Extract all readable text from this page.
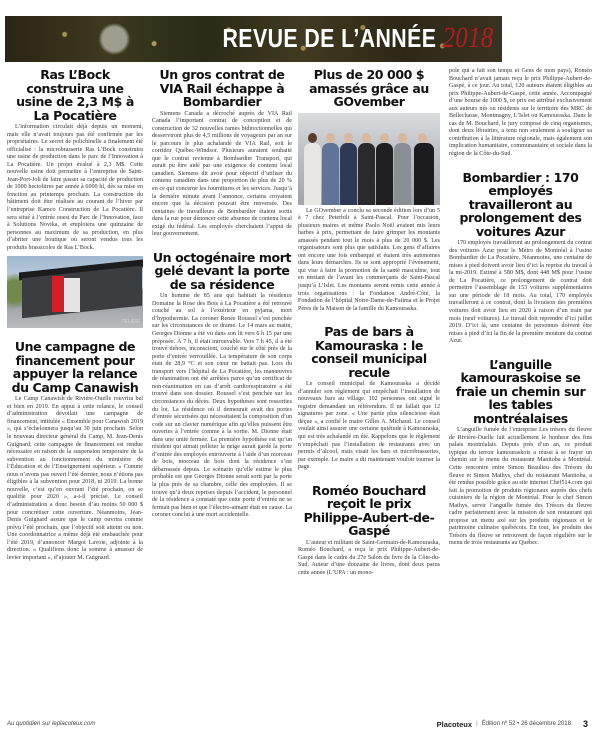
REVUE DE L’ANNÉE 2018
Ras L’Bock construira une usine de 2,3 M$ à La Pocatière

L’information circulait déjà depuis un moment, mais elle n’avait toujours pas été confirmée par les propriétaires. Le secret de polichinelle a finalement été officialisé : la microbrasserie Ras L’Bock construira une usine de production dans le parc de l’Innovation à La Pocatière. Un projet évalué à 2,3 M$. Cette nouvelle usine doit permettre à l’entreprise de Saint-Jean-Port-Joli de faire passer sa capacité de production de 1000 hectolitres par année à 6000 hl, dès sa mise en fonction au printemps prochain. La construction du bâtiment doit être réalisée au courant de l’hiver par l’entreprise Kamco Construction de La Pocatière. Il sera situé à l’entrée ouest du Parc de l’Innovation, face à Solutions Novika, et emploiera une quinzaine de personnes au maximum de sa production, en plus d’abriter une boutique où seront vendus tous les produits brassicoles de Ras L’Bock.

TELIER
Une campagne de financement pour appuyer la relance du Camp Canawish

Le Camp Canawish de Rivière-Ouelle rouvrira bel et bien en 2019. En appui à cette relance, le conseil d’administration dévoilait une campagne de financement, intitulée « Ensemble pour Canawish 2019 », qui s’échelonnera jusqu’au 30 juin prochain. Selon le nouveau directeur général du Camp, M. Jean-Denis Guignard, cette campagne de financement est rendue nécessaire en raison de la suspension temporaire de la subvention au fonctionnement du ministère de l’Éducation et de l’Enseignement supérieur. « Comme nous n’avons pas ouvert l’été dernier, nous n’étions pas éligibles à la subvention pour 2018, ni 2019. La bonne nouvelle, c’est qu’en ouvrant l’été prochain, on se qualifie pour 2020 », a-t-il précisé. Le conseil d’administration a donc besoin d’au moins 50 000 $ pour concrétiser cette ouverture. Néanmoins, Jean-Denis Guignard assure que le camp ouvrira comme prévu l’été prochain, que l’objectif soit atteint ou non. Une coordonnatrice a même déjà été embauchée pour l’été 2019, d’annoncer Margot Lavoie, adjointe à la direction. « Qualifions donc la somme à amasser de levier important », d’ajouter M. Guignard.

Un gros contrat de VIA Rail échappe à Bombardier

Siemens Canada a décroché auprès de VIA Rail Canada l’important contrat de conception et de construction de 32 nouvelles rames bidirectionnelles qui desserviront plus de 4,5 millions de voyageurs par an sur le parcours le plus achalandé de VIA Rail, soit le corridor Québec-Windsor. Plusieurs auraient souhaité que le contrat revienne à Bombardier Transport, qui aurait pu être aidé par une exigence de contenu local canadien. Siemens dit avoir pour objectif d’utiliser du contenu canadien dans une proportion de plus de 20 % en ce qui concerne les fournitures et les services. Jusqu’à la dernière minute avant l’annonce, certains croyaient encore que la décision pouvait être renversée. Des centaines de travailleurs de Bombardier étaient sortis dans la rue pour dénoncer cette absence de contenu local exigé du fédéral. Les employés cherchaient l’appui de leur gouvernement.

Un octogénaire mort gelé devant la porte de sa résidence

Un homme de 85 ans qui habitait la résidence Domaine la Rose des Bois à La Pocatière a été retrouvé couché au sol à l’extérieur en pyjama, mort d’hypothermie. La coroner Renée Roussel s’est penchée sur les circonstances de ce drame. Le 14 mars au matin, Georges Dionne a été vu dans son lit vers 6 h 15 par une préposée. À 7 h, il était introuvable. Vers 7 h 45, il a été trouvé dehors, inconscient, couché sur le côté près de la porte d’entrée verrouillée. La température de son corps était de 28,9 °C et son cœur ne battait pas. Lors du transport vers l’hôpital de La Pocatière, les manœuvres de réanimation ont été arrêtées parce qu’un certificat de non-réanimation en cas d’arrêt cardiorespiratoire a été trouvé dans son dossier. Roussel s’est penchée sur les circonstances du décès. Deux hypothèses sont ressorties du lot. La résidence où il demeurait avait des portes d’entrée sécurisées qui nécessitaient la composition d’un code sur un clavier numérique afin qu’elles puissent être ouvertes à l’entrée comme à la sortie. M. Dionne était dans une unité fermée. La première hypothèse est qu’un résident qui aimait pelleter la neige aurait gardé la porte d’entrée des employés entrouverte à l’aide d’un morceau de bois, morceau de bois dont la résidence s’est débarrassée depuis. Le scénario qu’elle estime le plus probable est que Georges Dionne serait sorti par la porte la plus près de sa chambre, celle des employées. Il se trouve qu’à deux reprises depuis l’accident, le personnel de la résidence a constaté que cette porte d’entrée ne se fermait pas bien et que l’électro-aimant était en cause. La coroner conclut à une mort accidentelle.

Plus de 20 000 $ amassés grâce au GOvember

Le GOvember a conclu sa seconde édition lors d’un 5 à 7 chez Peterbilt à Saint-Pascal. Pour l’occasion, plusieurs maires et même Paolo Noël avaient mis leurs barbes à prix, permettant de faire grimper les montants amassés pendant tout le mois à plus de 20 000 $. Les organisateurs sont plus que satisfaits. Les gens d’affaires ont encore une fois embarqué et étaient très autonomes dans leurs démarches. Ils se sont approprié l’événement, qui vise à faire la promotion de la santé masculine, tout en mettant de l’avant les commerçants de Saint-Pascal jusqu’à L’Islet. Les montants seront remis cette année à trois organisations : la Fondation André-Côté, la Fondation de l’hôpital Notre-Dame-de-Fatima et le Projet Pères de la Maison de la famille du Kamouraska.

Pas de bars à Kamouraska : le conseil municipal recule

Le conseil municipal de Kamouraska a décidé d’annuler son règlement qui empêchait l’installation de nouveaux bars au village. 102 personnes ont signé le registre demandant un référendum. Il ne fallait que 12 signatures par zone. « Une partie plus silencieuse était déçue », a confié le maire Gilles A. Michaud. Le conseil voulait ainsi assurer une certaine quiétude à Kamouraska, qui est très achalandé en été. Rappelons que le règlement n’empêchait pas l’installation de restaurants avec un permis d’alcool, mais visait les bars et microbrasseries, par exemple. Le maire a dit maintenant vouloir tourner la page.

Roméo Bouchard reçoit le prix Philippe-Aubert-de-Gaspé

L’auteur et militant de Saint-Germain-de-Kamouraska, Roméo Bouchard, a reçu le prix Philippe-Aubert-de-Gaspé dans le cadre du 27e Salon du livre de la Côte-du-Sud. Auteur d’une douzaine de livres, dont deux parus cette année (L’UPA : un mono-

pole qui a fait son temps et Gens de mon pays), Roméo Bouchard n’avait jamais reçu le prix Philippe-Aubert-de-Gaspé, à ce jour. Au total, 120 auteurs étaient éligibles au prix Philippe-Aubert-de-Gaspé, cette année. Accompagné d’une bourse de 1000 $, ce prix est attribué exclusivement aux auteurs nés ou résidents sur le territoire des MRC de Bellechasse, Montmagny, L’Islet ou Kamouraska. Dans le cas de M. Bouchard, le jury composé de cinq organismes, dont deux librairies, a tenu non seulement à souligner sa contribution à la littérature régionale, mais également son implication humanitaire, communautaire et sociale dans la région de la Côte-du-Sud.

Bombardier : 170 employés travailleront au prolongement des voitures Azur

170 employés travailleront au prolongement du contrat des voitures Azur pour le Métro de Montréal à l’usine Bombardier de La Pocatière. Néanmoins, une centaine de mises à pied doivent avoir lieu d’ici la reprise du travail à la mi-2019. Estimé à 580 M$, dont 448 M$ pour l’usine de La Pocatière, ce prolongement de contrat doit permettre l’assemblage de 153 voitures supplémentaires sur une période de 18 mois. Au total, 170 employés travailleront à ce contrat, dont la livraison des premières voitures doit avoir lieu en 2020 à raison d’un train par mois (neuf voitures). Le travail doit reprendre d’ici juillet 2019. D’ici là, une centaine de personnes doivent être mises à pied d’ici la fin de la première mouture du contrat Azur.

L’anguille kamouraskoise se fraie un chemin sur les tables montréalaises

L’anguille fumée de l’entreprise Les trésors du fleuve de Rivière-Ouelle fait actuellement le bonheur des fins palais montréalais. Depuis près d’un an, ce produit typique du terroir kamouraskois a réussi à se frayer un chemin sur le menu du restaurant Manitoba à Montréal. Cette rencontre entre Simon Beaulieu des Trésors du fleuve et Simon Mathys, chef du restaurant Manitoba, a été rendue possible grâce au site internet Chef514.com qui fait la promotion de produits régionaux auprès des chefs cuisiniers de la région de Montréal. Pour le chef Simon Mathys, servir l’anguille fumée des Trésors du fleuve cadre parfaitement avec la mission de son restaurant qui propose un menu axé sur les produits régionaux et le patrimoine culinaire québécois. En tout, les produits des Trésors du fleuve se retrouvent de façon régulière sur le menu de trois restaurants au Québec.

Au quotidien sur leplacoteux.com	Placoteux | Édition nº 52 • 26 décembre 2018 3
